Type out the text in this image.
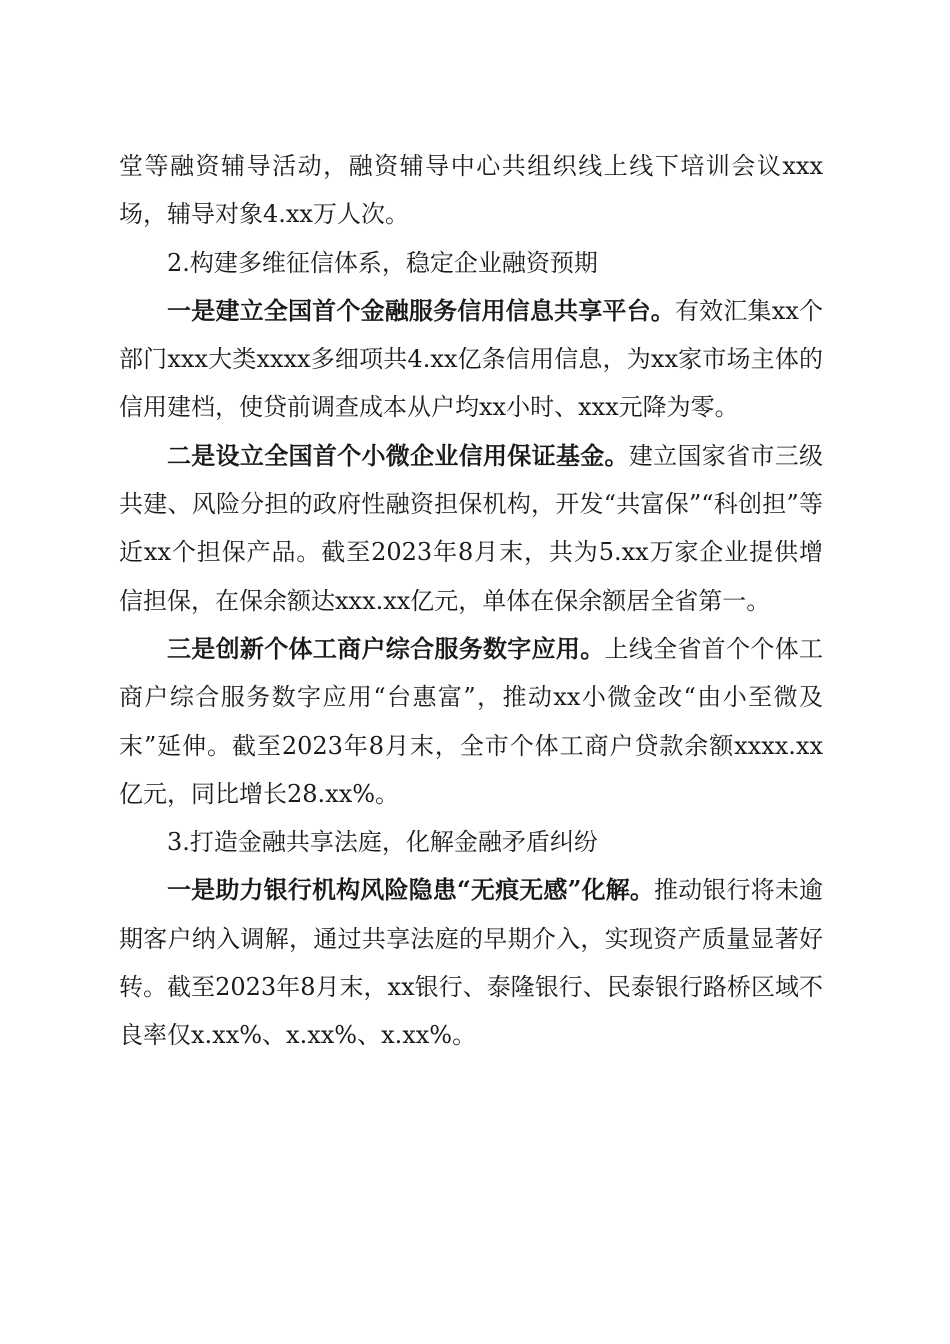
堂等融资辅导活动，融资辅导中心共组织线上线下培训会议xxx场，辅导对象4.xx万人次。

2.构建多维征信体系，稳定企业融资预期

一是建立全国首个金融服务信用信息共享平台。有效汇集xx个部门xxx大类xxxx多细项共4.xx亿条信用信息，为xx家市场主体的信用建档，使贷前调查成本从户均xx小时、xxx元降为零。

二是设立全国首个小微企业信用保证基金。建立国家省市三级共建、风险分担的政府性融资担保机构，开发“共富保”“科创担”等近xx个担保产品。截至2023年8月末，共为5.xx万家企业提供增信担保，在保余额达xxx.xx亿元，单体在保余额居全省第一。

三是创新个体工商户综合服务数字应用。上线全省首个个体工商户综合服务数字应用“台惠富”，推动xx小微金改“由小至微及末”延伸。截至2023年8月末，全市个体工商户贷款余额xxxx.xx亿元，同比增长28.xx%。

3.打造金融共享法庭，化解金融矛盾纠纷

一是助力银行机构风险隐患“无痕无感”化解。推动银行将未逾期客户纳入调解，通过共享法庭的早期介入，实现资产质量显著好转。截至2023年8月末，xx银行、泰隆银行、民泰银行路桥区域不良率仅x.xx%、x.xx%、x.xx%。
